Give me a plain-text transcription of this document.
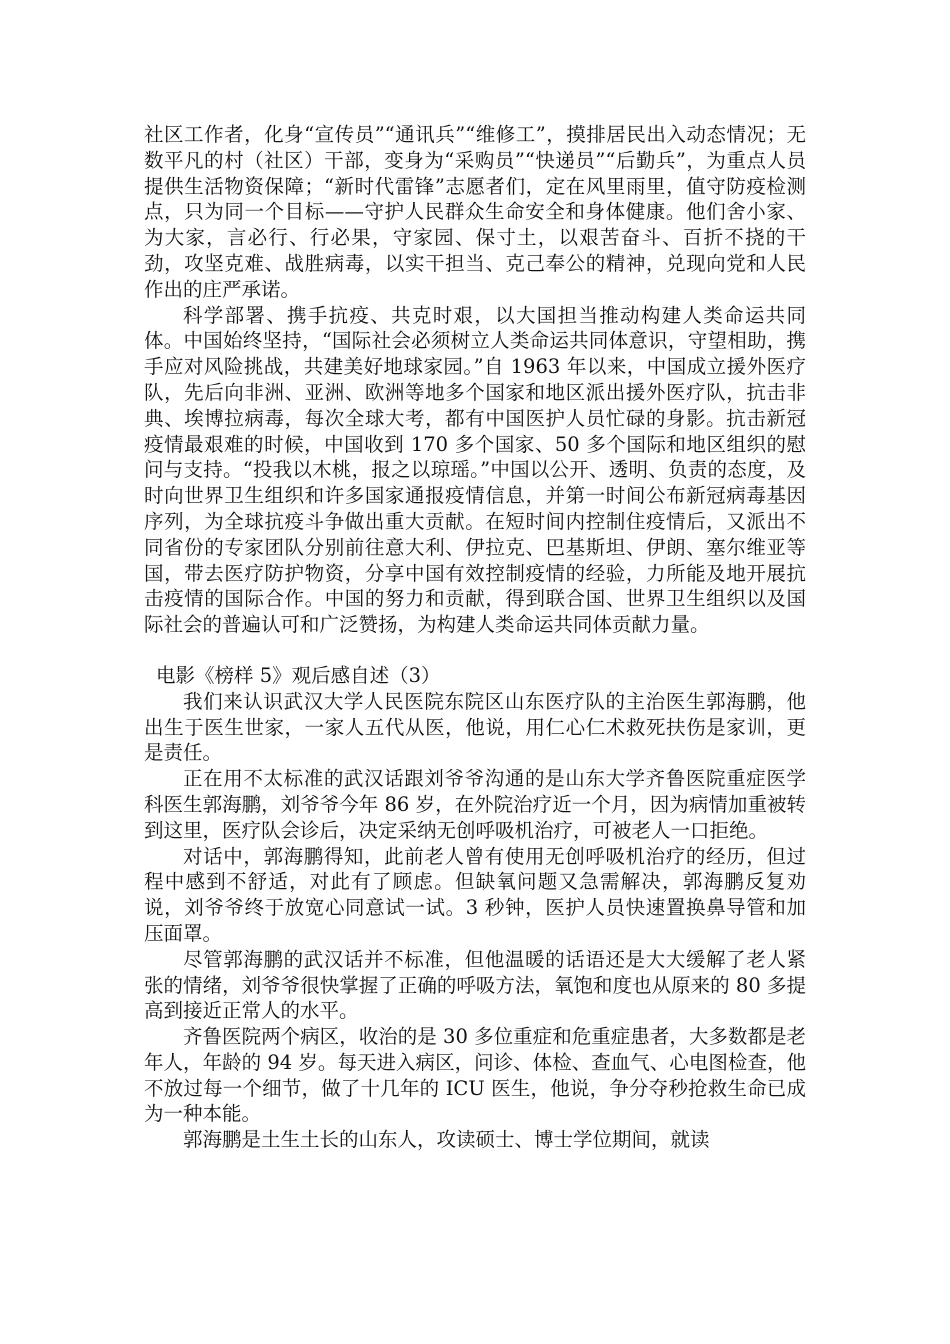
社区工作者，化身“宣传员”“通讯兵”“维修工”，摸排居民出入动态情况；无数平凡的村（社区）干部，变身为“采购员”“快递员”“后勤兵”，为重点人员提供生活物资保障；“新时代雷锋”志愿者们，定在风里雨里，值守防疫检测点，只为同一个目标——守护人民群众生命安全和身体健康。他们舍小家、为大家，言必行、行必果，守家园、保寸土，以艰苦奋斗、百折不挠的干劲，攻坚克难、战胜病毒，以实干担当、克己奉公的精神，兑现向党和人民作出的庄严承诺。

科学部署、携手抗疫、共克时艰，以大国担当推动构建人类命运共同体。中国始终坚持，“国际社会必须树立人类命运共同体意识，守望相助，携手应对风险挑战，共建美好地球家园。”自 1963 年以来，中国成立援外医疗队，先后向非洲、亚洲、欧洲等地多个国家和地区派出援外医疗队，抗击非典、埃博拉病毒，每次全球大考，都有中国医护人员忙碌的身影。抗击新冠疫情最艰难的时候，中国收到 170 多个国家、50 多个国际和地区组织的慰问与支持。“投我以木桃，报之以琼瑶。”中国以公开、透明、负责的态度，及时向世界卫生组织和许多国家通报疫情信息，并第一时间公布新冠病毒基因序列，为全球抗疫斗争做出重大贡献。在短时间内控制住疫情后，又派出不同省份的专家团队分别前往意大利、伊拉克、巴基斯坦、伊朗、塞尔维亚等国，带去医疗防护物资，分享中国有效控制疫情的经验，力所能及地开展抗击疫情的国际合作。中国的努力和贡献，得到联合国、世界卫生组织以及国际社会的普遍认可和广泛赞扬，为构建人类命运共同体贡献力量。

电影《榜样 5》观后感自述（3）

我们来认识武汉大学人民医院东院区山东医疗队的主治医生郭海鹏，他出生于医生世家，一家人五代从医，他说，用仁心仁术救死扶伤是家训，更是责任。

正在用不太标准的武汉话跟刘爷爷沟通的是山东大学齐鲁医院重症医学科医生郭海鹏，刘爷爷今年 86 岁，在外院治疗近一个月，因为病情加重被转到这里，医疗队会诊后，决定采纳无创呼吸机治疗，可被老人一口拒绝。

对话中，郭海鹏得知，此前老人曾有使用无创呼吸机治疗的经历，但过程中感到不舒适，对此有了顾虑。但缺氧问题又急需解决，郭海鹏反复劝说，刘爷爷终于放宽心同意试一试。3 秒钟，医护人员快速置换鼻导管和加压面罩。

尽管郭海鹏的武汉话并不标准，但他温暖的话语还是大大缓解了老人紧张的情绪，刘爷爷很快掌握了正确的呼吸方法，氧饱和度也从原来的 80 多提高到接近正常人的水平。

齐鲁医院两个病区，收治的是 30 多位重症和危重症患者，大多数都是老年人，年龄的 94 岁。每天进入病区，问诊、体检、查血气、心电图检查，他不放过每一个细节，做了十几年的 ICU 医生，他说，争分夺秒抢救生命已成为一种本能。

郭海鹏是土生土长的山东人，攻读硕士、博士学位期间，就读
